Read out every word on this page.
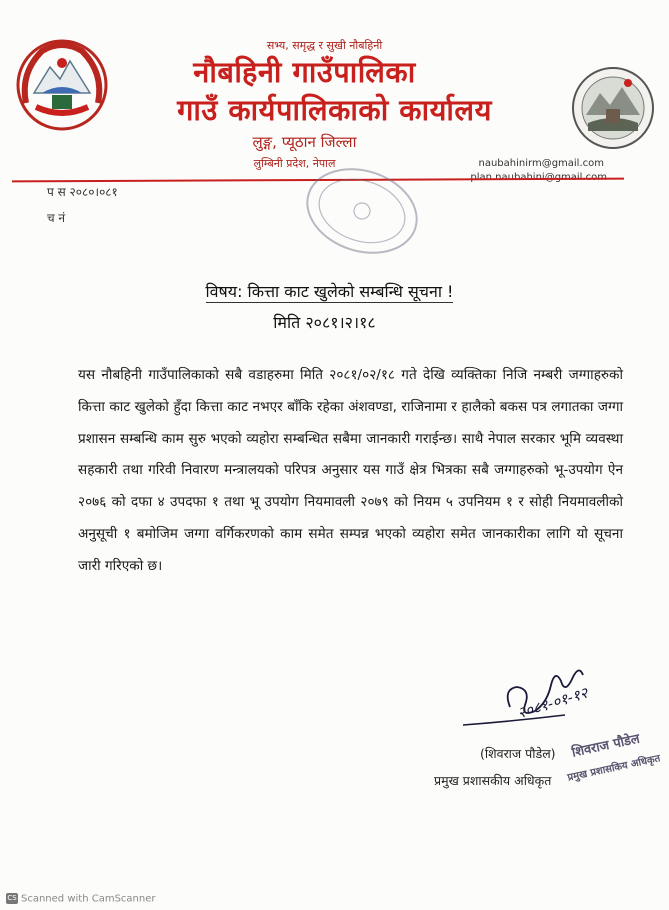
सभ्य, समृद्ध र सुखी नौबहिनी
नौबहिनी गाउँपालिका
गाउँ कार्यपालिकाको कार्यालय
लुङ्ग, प्यूठान जिल्ला
लुम्बिनी प्रदेश, नेपाल	naubahinirm@gmail.com
प स २०८०।०८१
च नं
विषय: कित्ता काट खुलेको सम्बन्धि सूचना !
मिति २०८१।२।१८

यस नौबहिनी गाउँपालिकाको सबै वडाहरुमा मिति २०८१/०२/१८ गते देखि व्यक्तिका निजि नम्बरी जग्गाहरुको कित्ता काट खुलेको हुँदा कित्ता काट नभएर बाँकि रहेका अंशवण्डा, राजिनामा र हालैको बकस पत्र लगातका जग्गा प्रशासन सम्बन्धि काम सुरु भएको व्यहोरा सम्बन्धित सबैमा जानकारी गराईन्छ। साथै नेपाल सरकार भूमि व्यवस्था सहकारी तथा गरिवी निवारण मन्त्रालयको परिपत्र अनुसार यस गाउँ क्षेत्र भित्रका सबै जग्गाहरुको भू-उपयोग ऐन २०७६ को दफा ४ उपदफा १ तथा भू उपयोग नियमावली २०७९ को नियम ५ उपनियम १ र सोही नियमावलीको अनुसूची १ बमोजिम जग्गा वर्गिकरणको काम समेत सम्पन्न भएको व्यहोरा समेत जानकारीका लागि यो सूचना जारी गरिएको छ।

२०८१-०१-१२
(शिवराज पौडेल)
प्रमुख प्रशासकीय अधिकृत
शिवराज पौडेल
प्रमुख प्रशासकिय अधिकृत
CS Scanned with CamScanner
